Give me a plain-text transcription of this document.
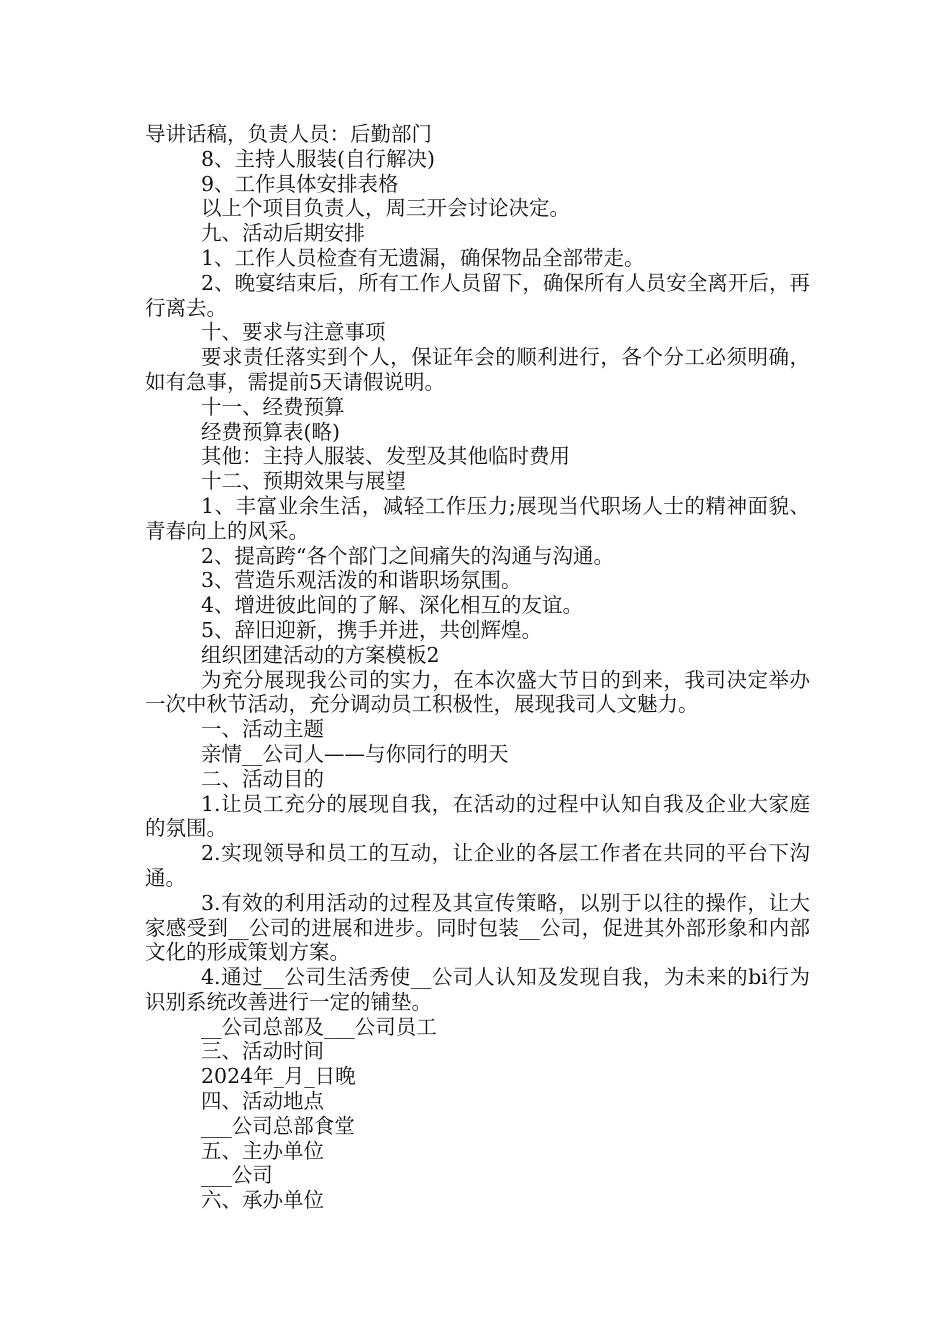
导讲话稿，负责人员：后勤部门
8、主持人服装(自行解决)
9、工作具体安排表格
以上个项目负责人，周三开会讨论决定。
九、活动后期安排
1、工作人员检查有无遗漏，确保物品全部带走。
2、晚宴结束后，所有工作人员留下，确保所有人员安全离开后，再行离去。
十、要求与注意事项
要求责任落实到个人，保证年会的顺利进行，各个分工必须明确，如有急事，需提前5天请假说明。
十一、经费预算
经费预算表(略)
其他：主持人服装、发型及其他临时费用
十二、预期效果与展望
1、丰富业余生活，减轻工作压力;展现当代职场人士的精神面貌、青春向上的风采。
2、提高跨“各个部门之间痛失的沟通与沟通。
3、营造乐观活泼的和谐职场氛围。
4、增进彼此间的了解、深化相互的友谊。
5、辞旧迎新，携手并进，共创辉煌。
组织团建活动的方案模板2
为充分展现我公司的实力，在本次盛大节日的到来，我司决定举办一次中秋节活动，充分调动员工积极性，展现我司人文魅力。
一、活动主题
亲情__公司人——与你同行的明天
二、活动目的
1.让员工充分的展现自我，在活动的过程中认知自我及企业大家庭的氛围。
2.实现领导和员工的互动，让企业的各层工作者在共同的平台下沟通。
3.有效的利用活动的过程及其宣传策略，以别于以往的操作，让大家感受到__公司的进展和进步。同时包装__公司，促进其外部形象和内部文化的形成策划方案。
4.通过__公司生活秀使__公司人认知及发现自我，为未来的bi行为识别系统改善进行一定的铺垫。
__公司总部及___公司员工
三、活动时间
2024年_月_日晚
四、活动地点
___公司总部食堂
五、主办单位
___公司
六、承办单位
